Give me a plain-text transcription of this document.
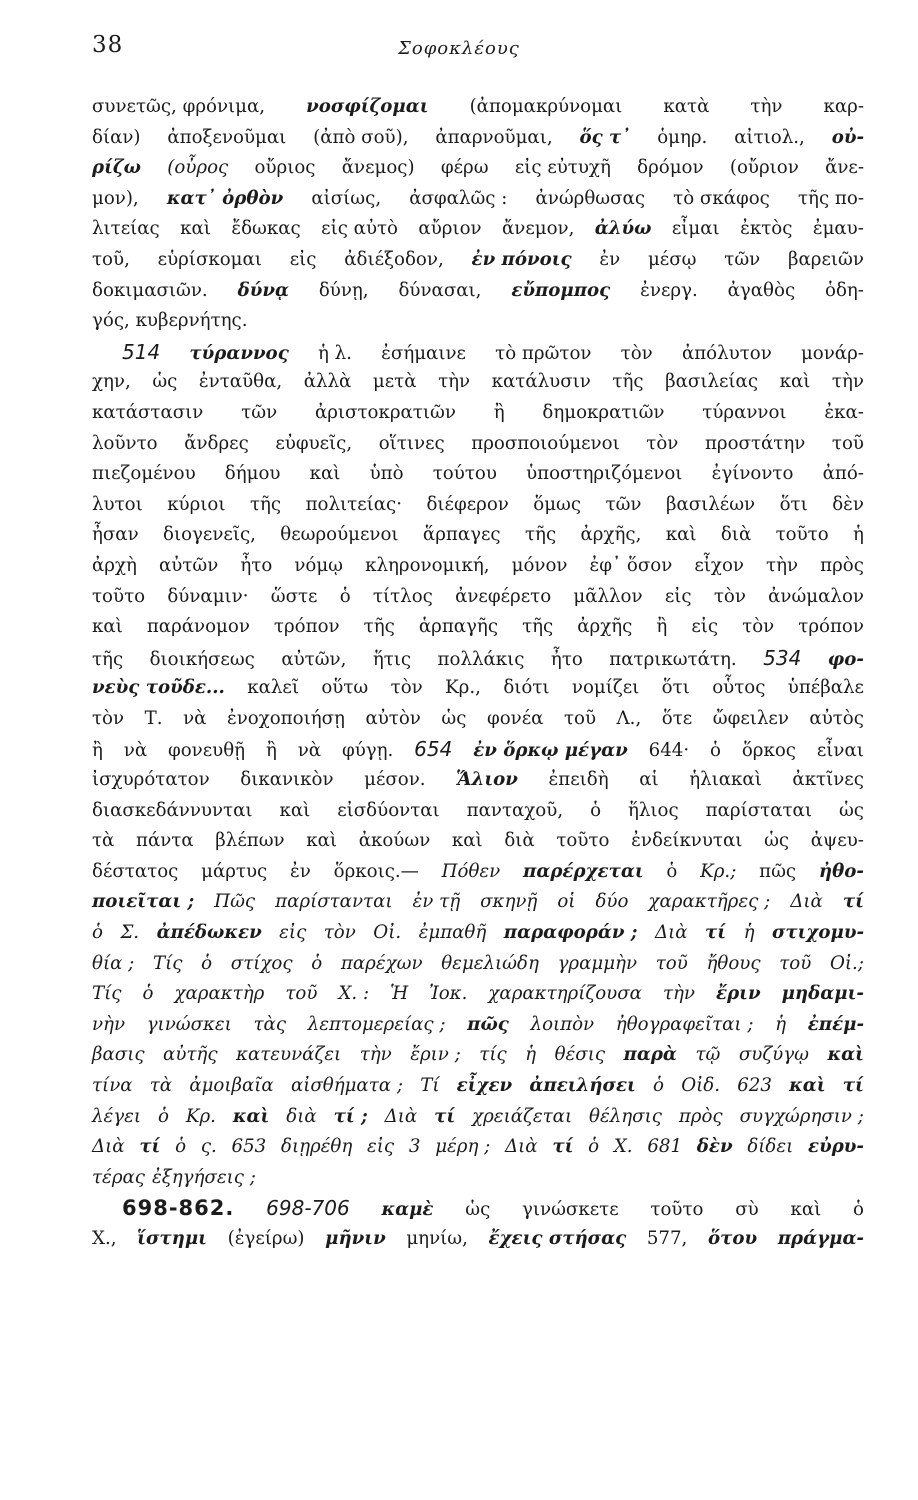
38	Σοφοκλέους
συνετῶς, φρόνιμα, νοσφίζομαι (ἀπομακρύνομαι κατὰ τὴν καρ-
δίαν) ἀποξενοῦμαι (ἀπὸ σοῦ), ἀπαρνοῦμαι, ὅς τ᾽ ὁμηρ. αἰτιολ., οὐ-
ρίζω (οὖρος οὔριος ἄνεμος) φέρω εἰς εὐτυχῆ δρόμον (οὔριον ἄνε-
μον), κατ᾽ ὀρθὸν αἰσίως, ἀσφαλῶς : ἀνώρθωσας τὸ σκάφος τῆς πο-
λιτείας καὶ ἔδωκας εἰς αὐτὸ αὔριον ἄνεμον, ἀλύω εἶμαι ἐκτὸς ἐμαυ-
τοῦ, εὑρίσκομαι εἰς ἀδιέξοδον, ἐν πόνοις ἐν μέσῳ τῶν βαρειῶν
δοκιμασιῶν. δύνᾳ δύνῃ, δύνασαι, εὔπομπος ἐνεργ. ἀγαθὸς ὁδη-
γός, κυβερνήτης.
514 τύραννος ἡ λ. ἐσήμαινε τὸ πρῶτον τὸν ἀπόλυτον μονάρ-
χην, ὡς ἐνταῦθα, ἀλλὰ μετὰ τὴν κατάλυσιν τῆς βασιλείας καὶ τὴν
κατάστασιν τῶν ἀριστοκρατιῶν ἢ δημοκρατιῶν τύραννοι ἐκα-
λοῦντο ἄνδρες εὐφυεῖς, οἵτινες προσποιούμενοι τὸν προστάτην τοῦ
πιεζομένου δήμου καὶ ὑπὸ τούτου ὑποστηριζόμενοι ἐγίνοντο ἀπό-
λυτοι κύριοι τῆς πολιτείας· διέφερον ὅμως τῶν βασιλέων ὅτι δὲν
ἦσαν διογενεῖς, θεωρούμενοι ἅρπαγες τῆς ἀρχῆς, καὶ διὰ τοῦτο ἡ
ἀρχὴ αὐτῶν ἦτο νόμῳ κληρονομική, μόνον ἐφ᾽ ὅσον εἶχον τὴν πρὸς
τοῦτο δύναμιν· ὥστε ὁ τίτλος ἀνεφέρετο μᾶλλον εἰς τὸν ἀνώμαλον
καὶ παράνομον τρόπον τῆς ἁρπαγῆς τῆς ἀρχῆς ἢ εἰς τὸν τρόπον
τῆς διοικήσεως αὐτῶν, ἥτις πολλάκις ἦτο πατρικωτάτη. 534 φο-
νεὺς τοῦδε... καλεῖ οὕτω τὸν Κρ., διότι νομίζει ὅτι οὗτος ὑπέβαλε
τὸν Τ. νὰ ἐνοχοποιήσῃ αὐτὸν ὡς φονέα τοῦ Λ., ὅτε ὤφειλεν αὐτὸς
ἢ νὰ φονευθῇ ἢ νὰ φύγῃ. 654 ἐν ὅρκῳ μέγαν 644· ὁ ὅρκος εἶναι
ἰσχυρότατον δικανικὸν μέσον. Ἅλιον ἐπειδὴ αἱ ἡλιακαὶ ἀκτῖνες
διασκεδάννυνται καὶ εἰσδύονται πανταχοῦ, ὁ ἥλιος παρίσταται ὡς
τὰ πάντα βλέπων καὶ ἀκούων καὶ διὰ τοῦτο ἐνδείκνυται ὡς ἀψευ-
δέστατος μάρτυς ἐν ὅρκοις.— Πόθεν παρέρχεται ὁ Κρ.; πῶς ἠθο-
ποιεῖται ; Πῶς παρίστανται ἐν τῇ σκηνῇ οἱ δύο χαρακτῆρες ; Διὰ τί
ὁ Σ. ἀπέδωκεν εἰς τὸν Οἰ. ἐμπαθῆ παραφοράν ; Διὰ τί ἡ στιχομυ-
θία ; Τίς ὁ στίχος ὁ παρέχων θεμελιώδη γραμμὴν τοῦ ἤθους τοῦ Οἰ.;
Τίς ὁ χαρακτὴρ τοῦ Χ. : Ἡ Ἰοκ. χαρακτηρίζουσα τὴν ἔριν μηδαμι-
νὴν γινώσκει τὰς λεπτομερείας ; πῶς λοιπὸν ἠθογραφεῖται ; ἡ ἐπέμ-
βασις αὐτῆς κατευνάζει τὴν ἔριν ; τίς ἡ θέσις παρὰ τῷ συζύγῳ καὶ
τίνα τὰ ἀμοιβαῖα αἰσθήματα ; Τί εἶχεν ἀπειλήσει ὁ Οἰδ. 623 καὶ τί
λέγει ὁ Κρ. καὶ διὰ τί ; Διὰ τί χρειάζεται θέλησις πρὸς συγχώρησιν ;
Διὰ τί ὁ ς. 653 διῃρέθη εἰς 3 μέρη ; Διὰ τί ὁ Χ. 681 δὲν δίδει εὐρυ-
τέρας ἐξηγήσεις ;
698-862. 698-706 καμὲ ὡς γινώσκετε τοῦτο σὺ καὶ ὁ
Χ., ἵστημι (ἐγείρω) μῆνιν μηνίω, ἔχεις στήσας 577, ὅτου πράγμα-
